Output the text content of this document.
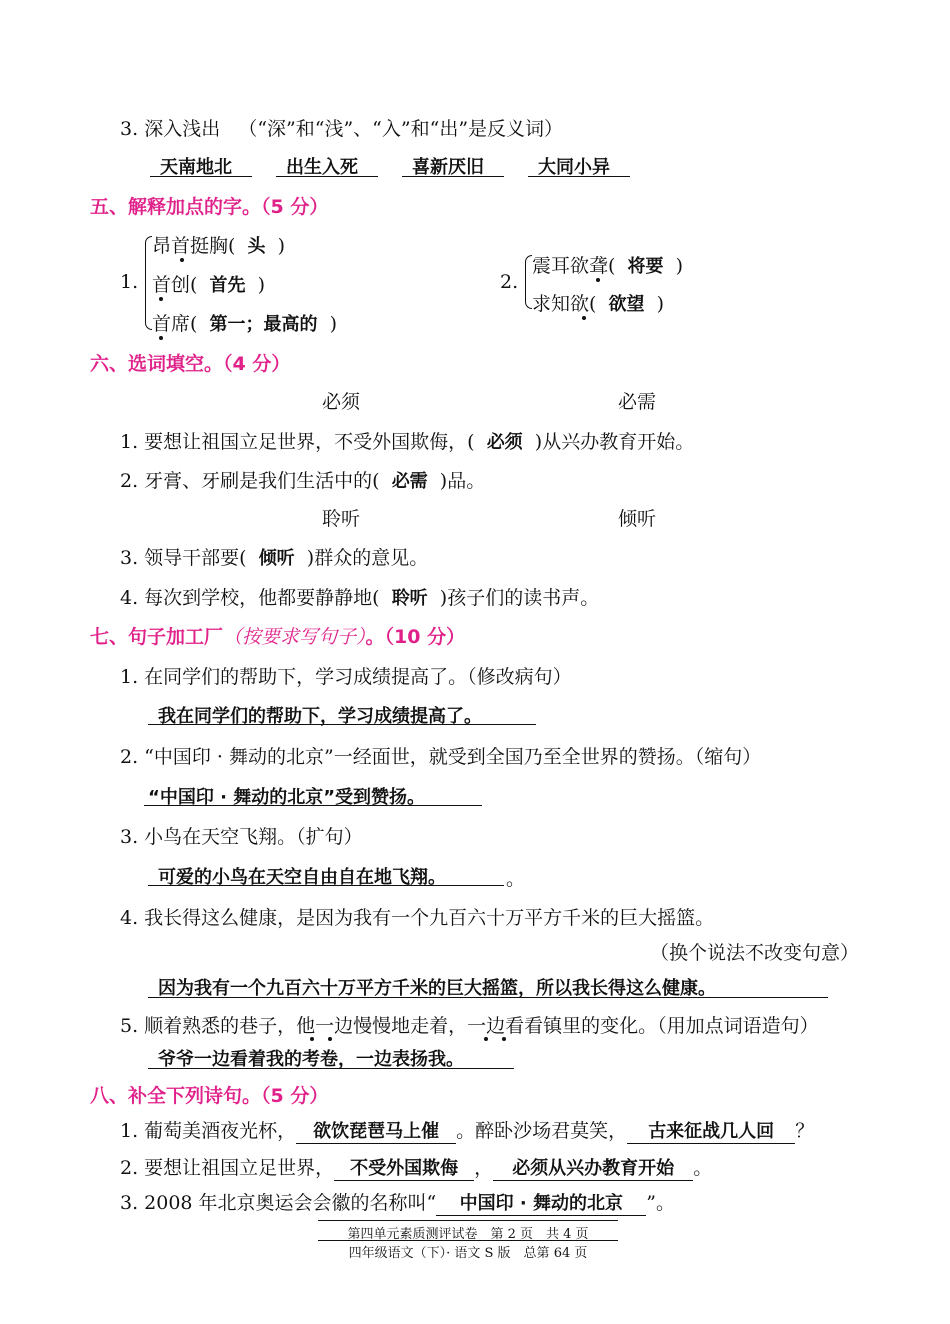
3. 深入浅出 （“深”和“浅”、“入”和“出”是反义词）
天南地北	出生入死	喜新厌旧	大同小异
五、解释加点的字。（5 分）
1.
昂首挺胸(  头  )
首创(  首先  )
首席(  第一；最高的  )
2.
震耳欲聋(  将要  )
求知欲(  欲望  )
六、选词填空。（4 分）
必须	必需
1. 要想让祖国立足世界，不受外国欺侮，( 必须 )从兴办教育开始。
2. 牙膏、牙刷是我们生活中的( 必需 )品。
聆听	倾听
3. 领导干部要( 倾听 )群众的意见。
4. 每次到学校，他都要静静地( 聆听 )孩子们的读书声。
七、句子加工厂（按要求写句子）。（10 分）
1. 在同学们的帮助下，学习成绩提高了。（修改病句）
我在同学们的帮助下，学习成绩提高了。
2. “中国印 · 舞动的北京”一经面世，就受到全国乃至全世界的赞扬。（缩句）
“中国印 · 舞动的北京”受到赞扬。
3. 小鸟在天空飞翔。（扩句）
可爱的小鸟在天空自由自在地飞翔。	。
4. 我长得这么健康，是因为我有一个九百六十万平方千米的巨大摇篮。
（换个说法不改变句意）
因为我有一个九百六十万平方千米的巨大摇篮，所以我长得这么健康。
5. 顺着熟悉的巷子，他一边慢慢地走着，一边看看镇里的变化。（用加点词语造句）
爷爷一边看着我的考卷，一边表扬我。
八、补全下列诗句。（5 分）
1. 葡萄美酒夜光杯， 欲饮琵琶马上催 。醉卧沙场君莫笑， 古来征战几人回 ？
2. 要想让祖国立足世界， 不受外国欺侮 ， 必须从兴办教育开始 。
3. 2008 年北京奥运会会徽的名称叫“ 中国印 · 舞动的北京 ”。
第四单元素质测评试卷　第 2 页　共 4 页
四年级语文（下）· 语文 S 版　总第 64 页
